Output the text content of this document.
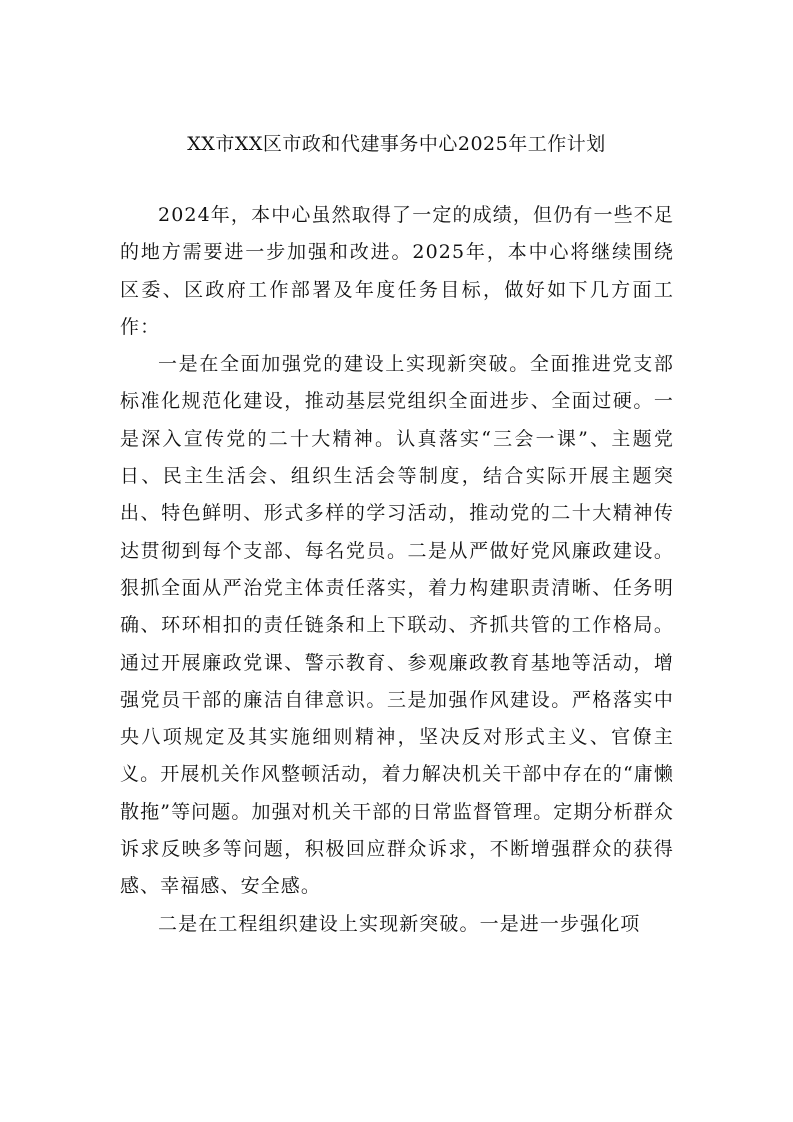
XX市XX区市政和代建事务中心2025年工作计划

2024年，本中心虽然取得了一定的成绩，但仍有一些不足的地方需要进一步加强和改进。2025年，本中心将继续围绕区委、区政府工作部署及年度任务目标，做好如下几方面工作：

一是在全面加强党的建设上实现新突破。全面推进党支部标准化规范化建设，推动基层党组织全面进步、全面过硬。一是深入宣传党的二十大精神。认真落实“三会一课”、主题党日、民主生活会、组织生活会等制度，结合实际开展主题突出、特色鲜明、形式多样的学习活动，推动党的二十大精神传达贯彻到每个支部、每名党员。二是从严做好党风廉政建设。狠抓全面从严治党主体责任落实，着力构建职责清晰、任务明确、环环相扣的责任链条和上下联动、齐抓共管的工作格局。通过开展廉政党课、警示教育、参观廉政教育基地等活动，增强党员干部的廉洁自律意识。三是加强作风建设。严格落实中央八项规定及其实施细则精神，坚决反对形式主义、官僚主义。开展机关作风整顿活动，着力解决机关干部中存在的“庸懒散拖”等问题。加强对机关干部的日常监督管理。定期分析群众诉求反映多等问题，积极回应群众诉求，不断增强群众的获得感、幸福感、安全感。

二是在工程组织建设上实现新突破。一是进一步强化项
